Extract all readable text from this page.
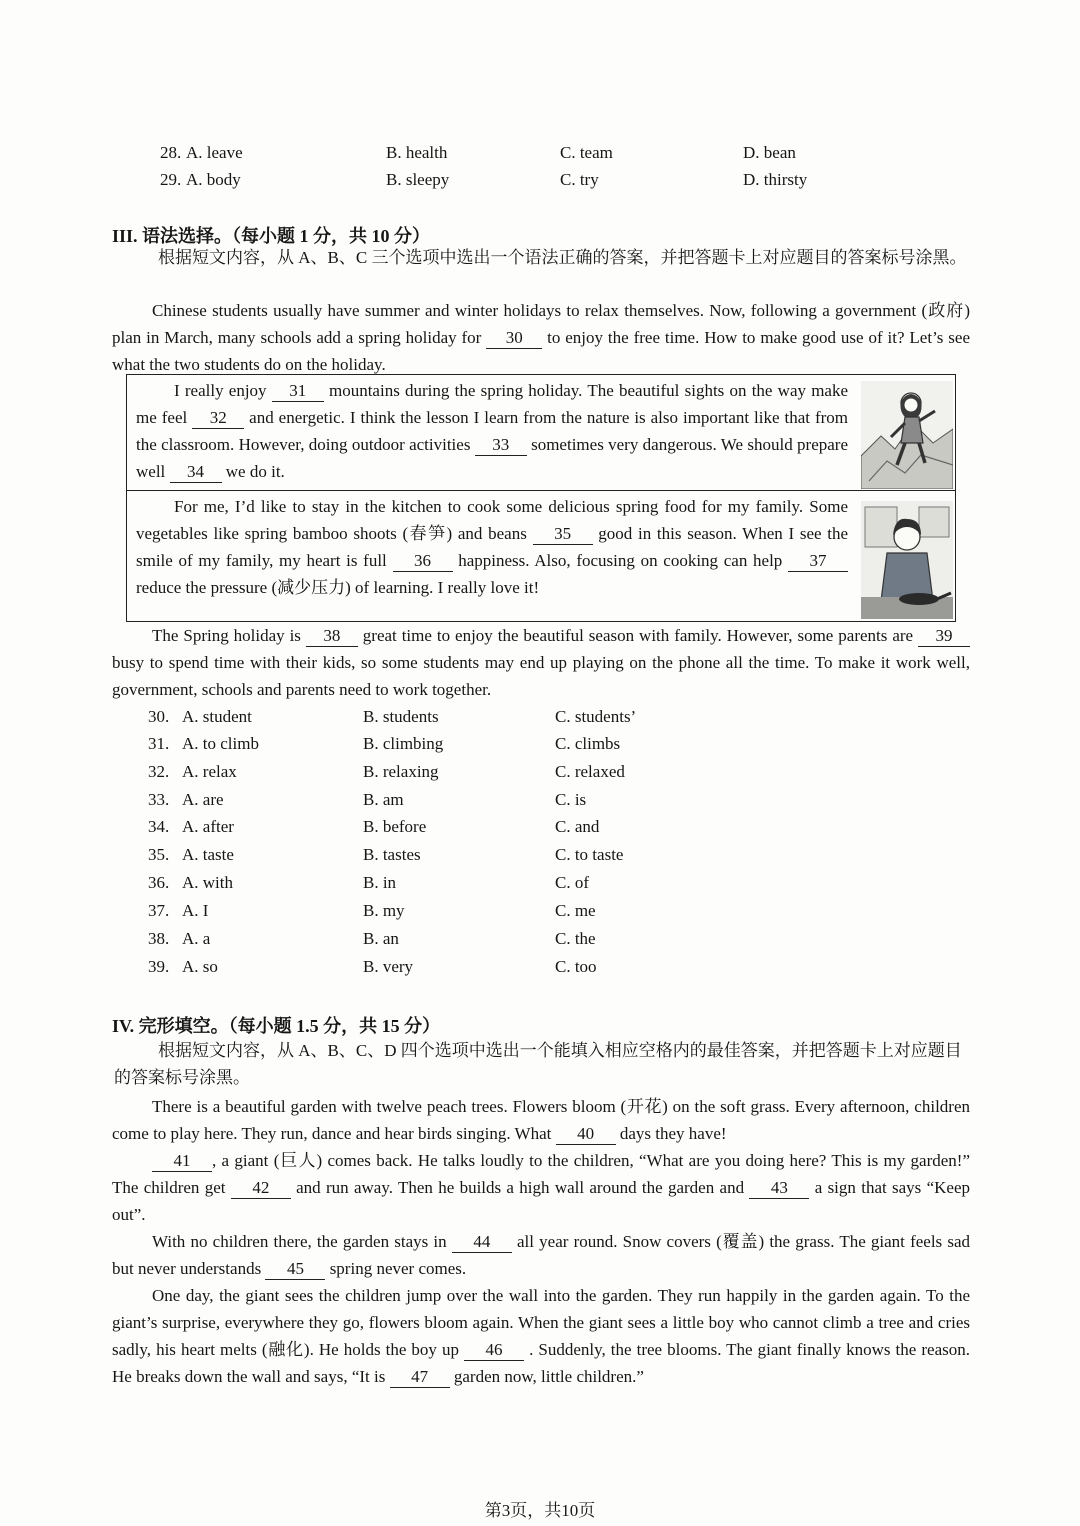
28. A. leave	B. health	C. team	D. bean
29. A. body	B. sleepy	C. try	D. thirsty
III. 语法选择。（每小题 1 分，共 10 分）
根据短文内容，从 A、B、C 三个选项中选出一个语法正确的答案，并把答题卡上对应题目的答案标号涂黑。

Chinese students usually have summer and winter holidays to relax themselves. Now, following a government (政府) plan in March, many schools add a spring holiday for 30 to enjoy the free time. How to make good use of it? Let’s see what the two students do on the holiday.

I really enjoy 31 mountains during the spring holiday. The beautiful sights on the way make me feel 32 and energetic. I think the lesson I learn from the nature is also important like that from the classroom. However, doing outdoor activities 33 sometimes very dangerous. We should prepare well 34 we do it.

For me, I’d like to stay in the kitchen to cook some delicious spring food for my family. Some vegetables like spring bamboo shoots (春笋) and beans 35 good in this season. When I see the smile of my family, my heart is full 36 happiness. Also, focusing on cooking can help 37 reduce the pressure (减少压力) of learning. I really love it!

The Spring holiday is 38 great time to enjoy the beautiful season with family. However, some parents are 39 busy to spend time with their kids, so some students may end up playing on the phone all the time. To make it work well, government, schools and parents need to work together.

30. A. student	B. students	C. students’
31. A. to climb	B. climbing	C. climbs
32. A. relax	B. relaxing	C. relaxed
33. A. are	B. am	C. is
34. A. after	B. before	C. and
35. A. taste	B. tastes	C. to taste
36. A. with	B. in	C. of
37. A. I	B. my	C. me
38. A. a	B. an	C. the
39. A. so	B. very	C. too
IV. 完形填空。（每小题 1.5 分，共 15 分）
根据短文内容，从 A、B、C、D 四个选项中选出一个能填入相应空格内的最佳答案，并把答题卡上对应题目的答案标号涂黑。

There is a beautiful garden with twelve peach trees. Flowers bloom (开花) on the soft grass. Every afternoon, children come to play here. They run, dance and hear birds singing. What 40 days they have!

41 , a giant (巨人) comes back. He talks loudly to the children, “What are you doing here? This is my garden!” The children get 42 and run away. Then he builds a high wall around the garden and 43 a sign that says “Keep out”.

With no children there, the garden stays in 44 all year round. Snow covers (覆盖) the grass. The giant feels sad but never understands 45 spring never comes.

One day, the giant sees the children jump over the wall into the garden. They run happily in the garden again. To the giant’s surprise, everywhere they go, flowers bloom again. When the giant sees a little boy who cannot climb a tree and cries sadly, his heart melts (融化). He holds the boy up 46 . Suddenly, the tree blooms. The giant finally knows the reason. He breaks down the wall and says, “It is 47 garden now, little children.”

第3页，共10页
